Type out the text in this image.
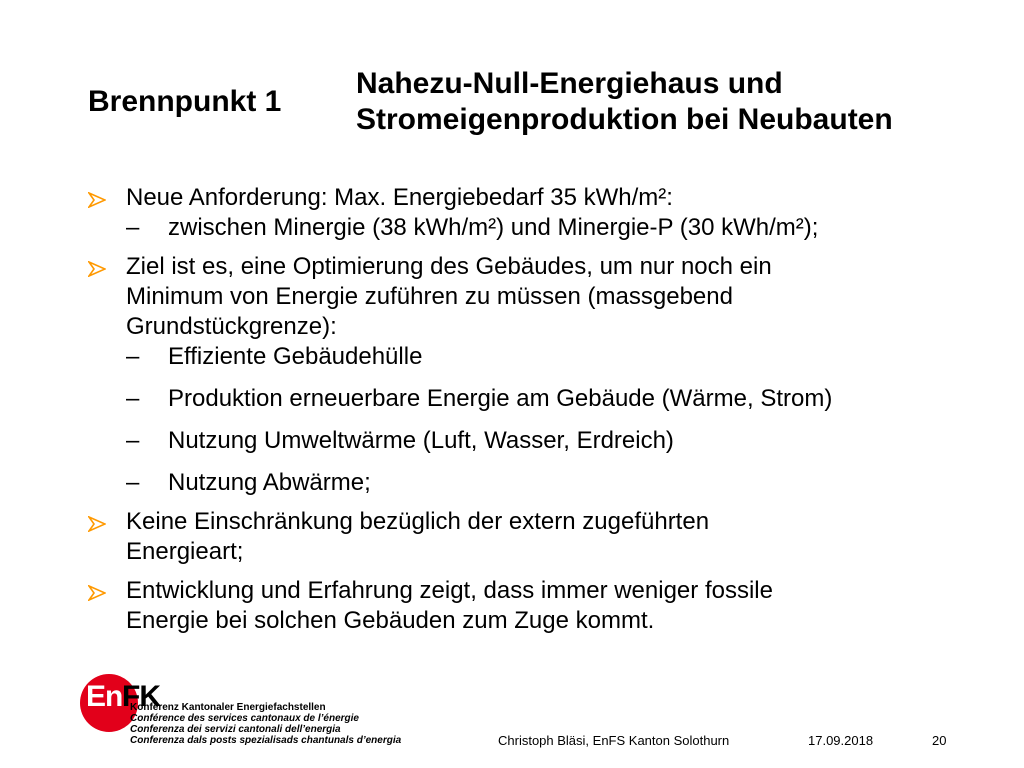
Brennpunkt 1
Nahezu-Null-Energiehaus und
Stromeigenproduktion bei Neubauten
Neue Anforderung: Max. Energiebedarf 35 kWh/m²:
– zwischen Minergie (38 kWh/m²) und Minergie-P (30 kWh/m²);
Ziel ist es, eine Optimierung des Gebäudes, um nur noch ein
Minimum von Energie zuführen zu müssen (massgebend
Grundstückgrenze):
– Effiziente Gebäudehülle
– Produktion erneuerbare Energie am Gebäude (Wärme, Strom)
– Nutzung Umweltwärme (Luft, Wasser, Erdreich)
– Nutzung Abwärme;
Keine Einschränkung bezüglich der extern zugeführten
Energieart;
Entwicklung und Erfahrung zeigt, dass immer weniger fossile
Energie bei solchen Gebäuden zum Zuge kommt.
En FK
Konferenz Kantonaler Energiefachstellen
Conférence des services cantonaux de l’énergie
Conferenza dei servizi cantonali dell’energia
Conferenza dals posts spezialisads chantunals d’energia	Christoph Bläsi, EnFS Kanton Solothurn	17.09.2018	20
